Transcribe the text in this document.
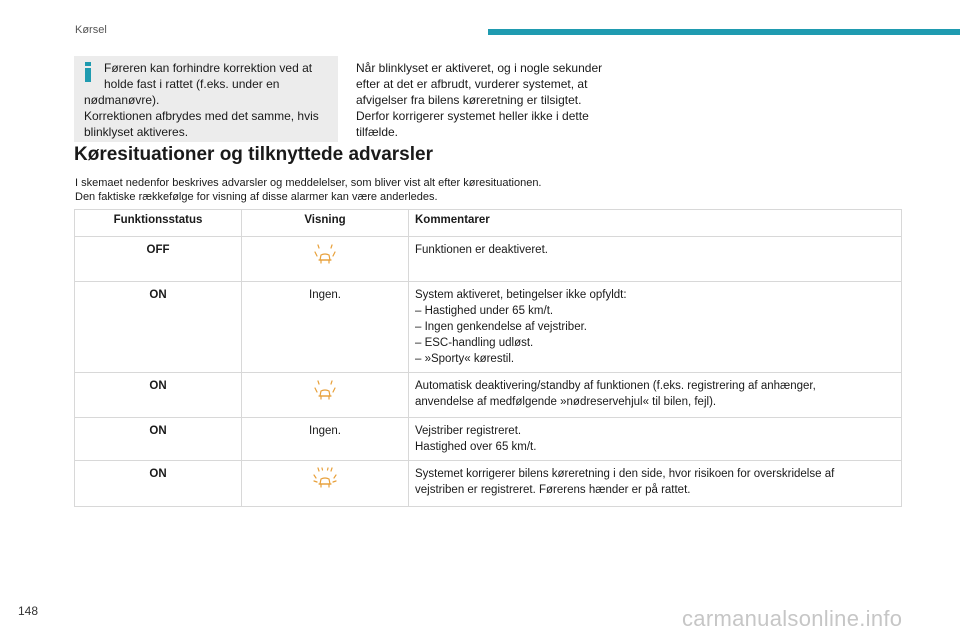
Kørsel
Føreren kan forhindre korrektion ved at
holde fast i rattet (f.eks. under en

nødmanøvre).

Korrektionen afbrydes med det samme, hvis

blinklyset aktiveres.

Når blinklyset er aktiveret, og i nogle sekunder
efter at det er afbrudt, vurderer systemet, at
afvigelser fra bilens køreretning er tilsigtet.
Derfor korrigerer systemet heller ikke i dette
tilfælde.
Køresituationer og tilknyttede advarsler

I skemaet nedenfor beskrives advarsler og meddelelser, som bliver vist alt efter køresituationen.
Den faktiske rækkefølge for visning af disse alarmer kan være anderledes.

Funktionsstatus	Visning	Kommentarer
OFF		Funktionen er deaktiveret.

ON	Ingen.	System aktiveret, betingelser ikke opfyldt:
– Hastighed under 65 km/t.
– Ingen genkendelse af vejstriber.
– ESC-handling udløst.
– »Sporty« kørestil.

ON		Automatisk deaktivering/standby af funktionen (f.eks. registrering af anhænger,
anvendelse af medfølgende »nødreservehjul« til bilen, fejl).

ON	Ingen.	Vejstriber registreret.
Hastighed over 65 km/t.

ON		Systemet korrigerer bilens køreretning i den side, hvor risikoen for overskridelse af
vejstriben er registreret. Førerens hænder er på rattet.
148	carmanualsonline.info
